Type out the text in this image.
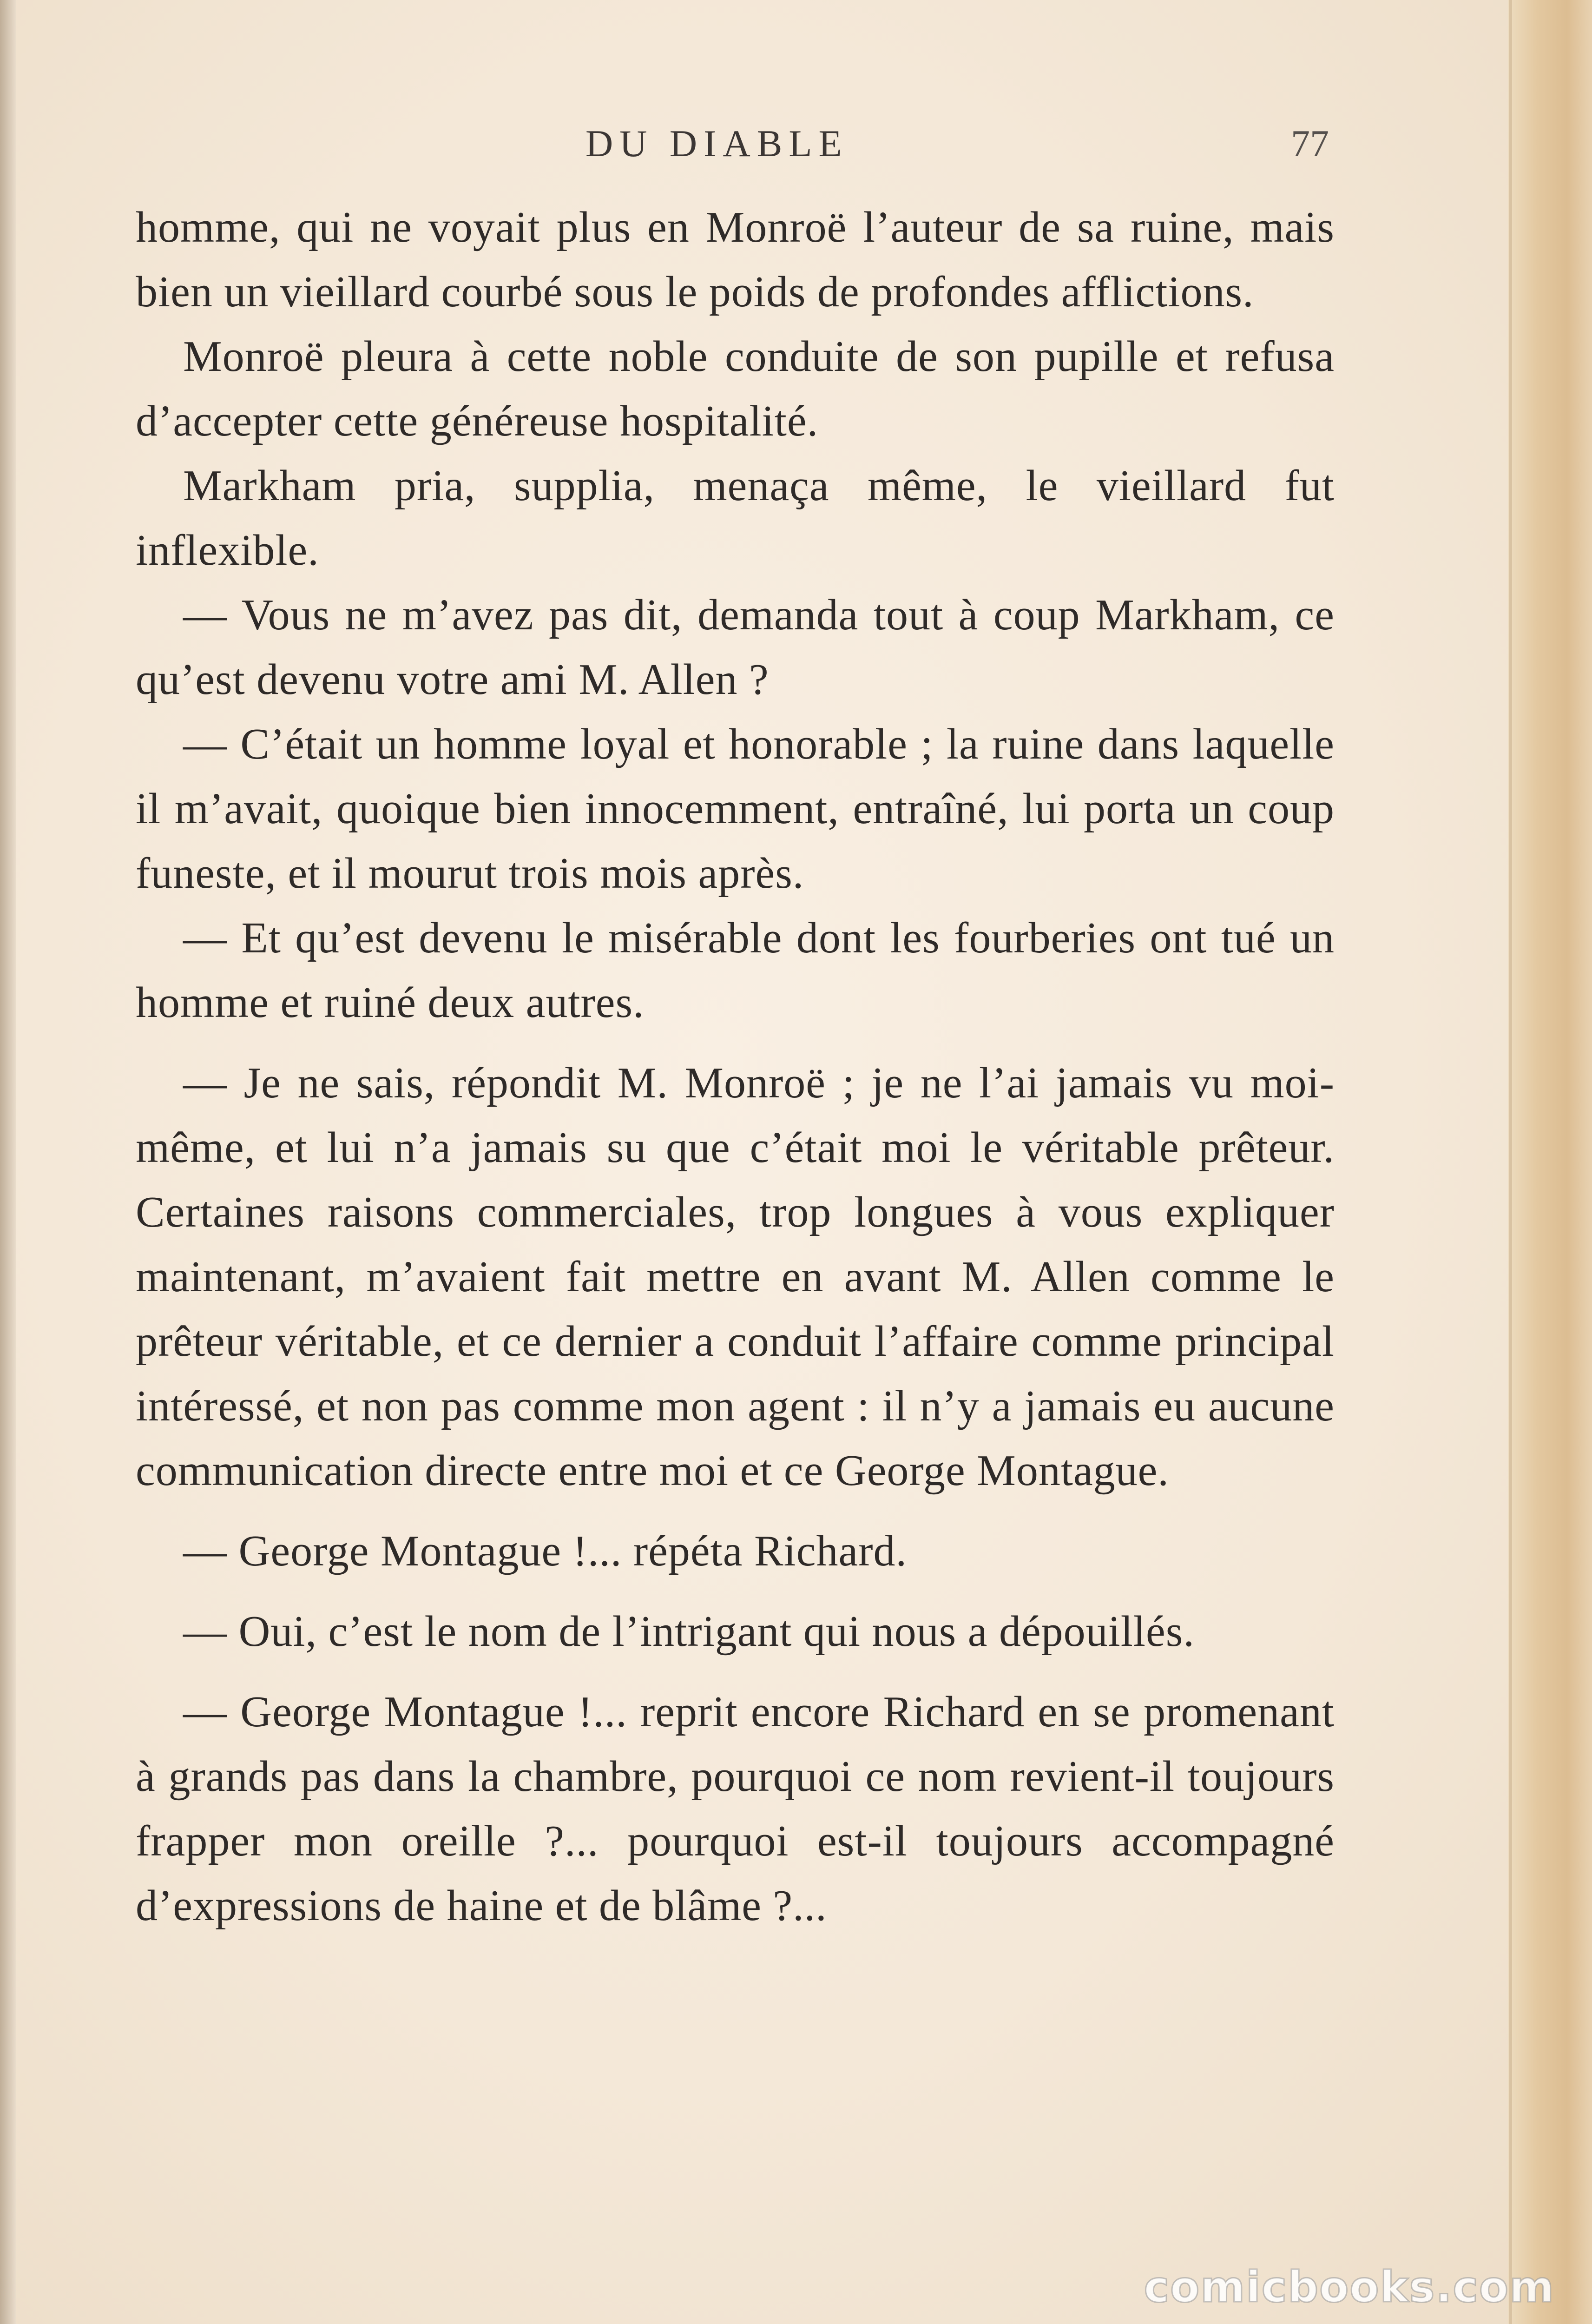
DU DIABLE	77

homme, qui ne voyait plus en Monroë l’auteur de sa ruine, mais bien un vieillard courbé sous le poids de profondes afflictions.

Monroë pleura à cette noble conduite de son pupille et refusa d’accepter cette généreuse hospitalité.

Markham pria, supplia, menaça même, le vieillard fut inflexible.

— Vous ne m’avez pas dit, demanda tout à coup Markham, ce qu’est devenu votre ami M. Allen ?

— C’était un homme loyal et honorable ; la ruine dans laquelle il m’avait, quoique bien innocemment, entraîné, lui porta un coup funeste, et il mourut trois mois après.

— Et qu’est devenu le misérable dont les fourberies ont tué un homme et ruiné deux autres.

— Je ne sais, répondit M. Monroë ; je ne l’ai jamais vu moi-même, et lui n’a jamais su que c’était moi le véritable prêteur. Certaines raisons commerciales, trop longues à vous expliquer maintenant, m’avaient fait mettre en avant M. Allen comme le prêteur véritable, et ce dernier a conduit l’affaire comme principal intéressé, et non pas comme mon agent : il n’y a jamais eu aucune communication directe entre moi et ce George Montague.

— George Montague !... répéta Richard.

— Oui, c’est le nom de l’intrigant qui nous a dépouillés.

— George Montague !... reprit encore Richard en se promenant à grands pas dans la chambre, pourquoi ce nom revient-il toujours frapper mon oreille ?... pourquoi est-il toujours accompagné d’expressions de haine et de blâme ?...

comicbooks.com
